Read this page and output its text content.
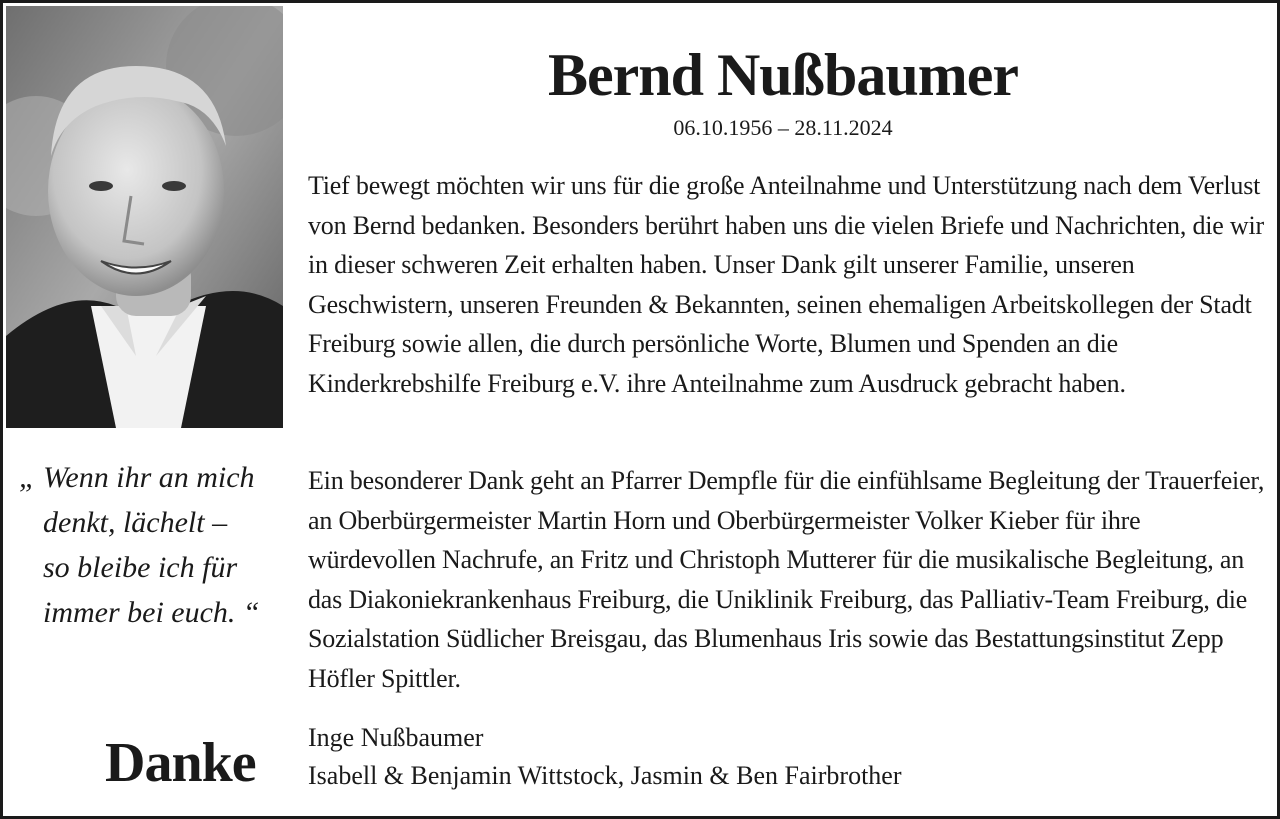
Bernd Nußbaumer
06.10.1956 – 28.11.2024
Tief bewegt möchten wir uns für die große Anteilnahme und Unterstützung nach dem Verlust von Bernd bedanken. Besonders berührt haben uns die vielen Briefe und Nachrichten, die wir in dieser schweren Zeit erhalten haben. Unser Dank gilt unserer Familie, unseren Geschwistern, unseren Freunden & Bekannten, seinen ehemaligen Arbeitskollegen der Stadt Freiburg sowie allen, die durch persönliche Worte, Blumen und Spenden an die Kinderkrebshilfe Freiburg e.V. ihre Anteilnahme zum Ausdruck gebracht haben.
„ Wenn ihr an mich
denkt, lächelt –
so bleibe ich für
immer bei euch. “
Ein besonderer Dank geht an Pfarrer Dempfle für die einfühlsame Begleitung der Trauerfeier, an Oberbürgermeister Martin Horn und Oberbürgermeister Volker Kieber für ihre würdevollen Nachrufe, an Fritz und Christoph Mutterer für die musikalische Begleitung, an das Diakoniekrankenhaus Freiburg, die Uniklinik Freiburg, das Palliativ-Team Freiburg, die Sozialstation Südlicher Breisgau, das Blumenhaus Iris sowie das Bestattungsinstitut Zepp Höfler Spittler.
Danke Inge Nußbaumer
Isabell & Benjamin Wittstock, Jasmin & Ben Fairbrother
